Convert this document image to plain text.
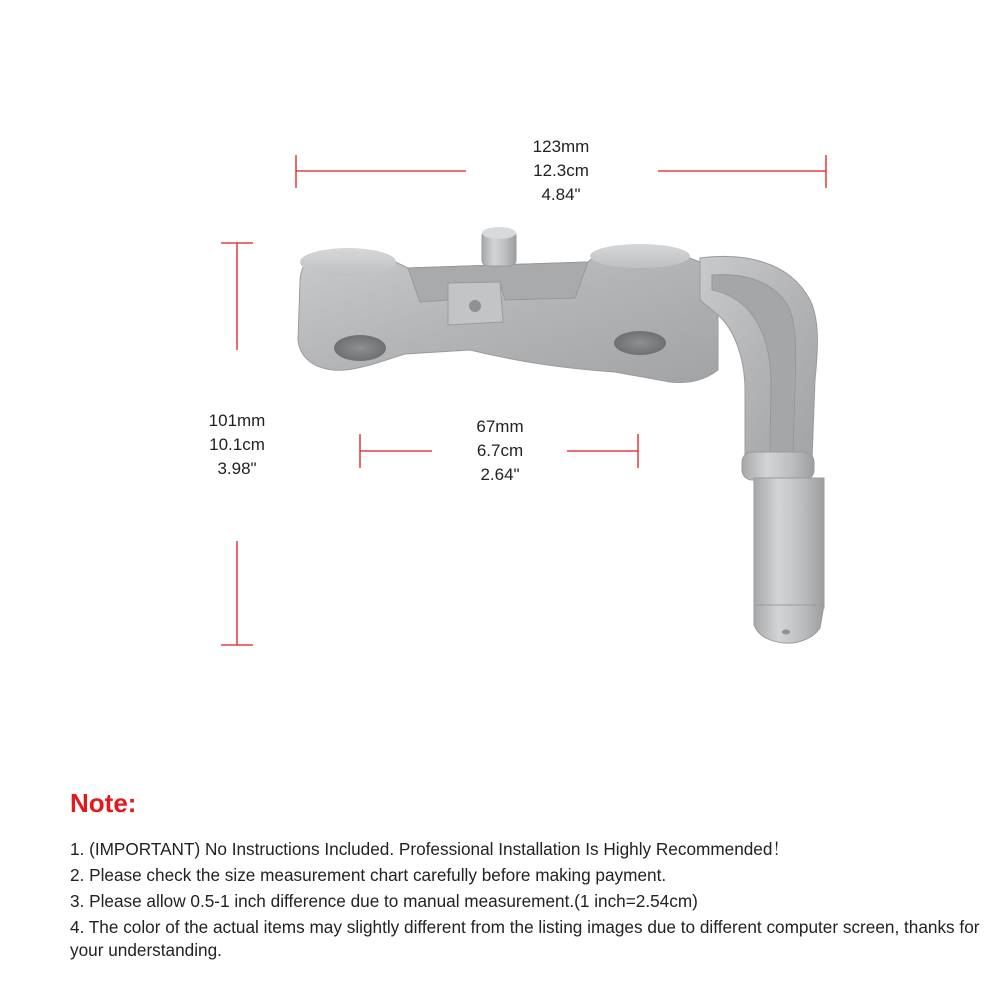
123mm
12.3cm
4.84"
101mm
10.1cm
3.98"
67mm
6.7cm
2.64"
Note:
1. (IMPORTANT) No Instructions Included. Professional Installation Is Highly Recommended！
2. Please check the size measurement chart carefully before making payment.
3. Please allow 0.5-1 inch difference due to manual measurement.(1 inch=2.54cm)
4. The color of the actual items may slightly different from the listing images due to different computer screen, thanks for your understanding.
